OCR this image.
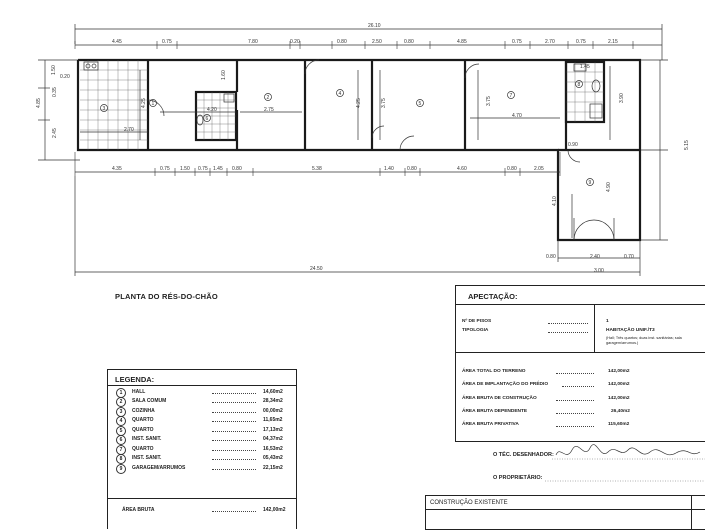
26.10
4.45	0.75	7.80	0.20	0.80	2.50	0.80	4.85	0.75	2.70	0.75	2.15
1.50
0.20
4.85
2.45
0.35
3.90
5.15
2.70
4.20	2.75
4.25	4.25	3.75	3.75
4.70
1.60
1.45
4.10
2.40	0.70
3.00
0.80
4.90
0.90
1
2
3
4
5
6
7
8
9
4.35	0.75 1.50 0.75 1.45 0.80	5.38	1.40	0.80	4.60	0.80	2.05
24.50
PLANTA DO RÉS-DO-CHÃO	APECTAÇÃO:
Nº DE PISOS	1
TIPOLOGIA	HABITAÇÃO UNIF./T3
(Hall; Três quartos; duas inst. sanitárias; sala garagem/arrumos.)
ÁREA TOTAL DO TERRENO	142,00m2
ÁREA DE IMPLANTAÇÃO DO PRÉDIO	142,00m2
ÁREA BRUTA DE CONSTRUÇÃO	142,00m2
ÁREA BRUTA DEPENDENTE	26,40m2
ÁREA BRUTA PRIVATIVA	115,60m2
O TÉC. DESENHADOR:
O PROPRIETÁRIO:
CONSTRUÇÃO EXISTENTE
LEGENDA:
1	HALL	14,60m2
2	SALA COMUM	28,34m2
3	COZINHA	00,00m2
4	QUARTO	11,65m2
5	QUARTO	17,13m2
6	INST. SANIT.	04,37m2
7	QUARTO	16,53m2
8	INST. SANIT.	05,43m2
9	GARAGEM/ARRUMOS	22,15m2
ÁREA BRUTA	142,00m2
